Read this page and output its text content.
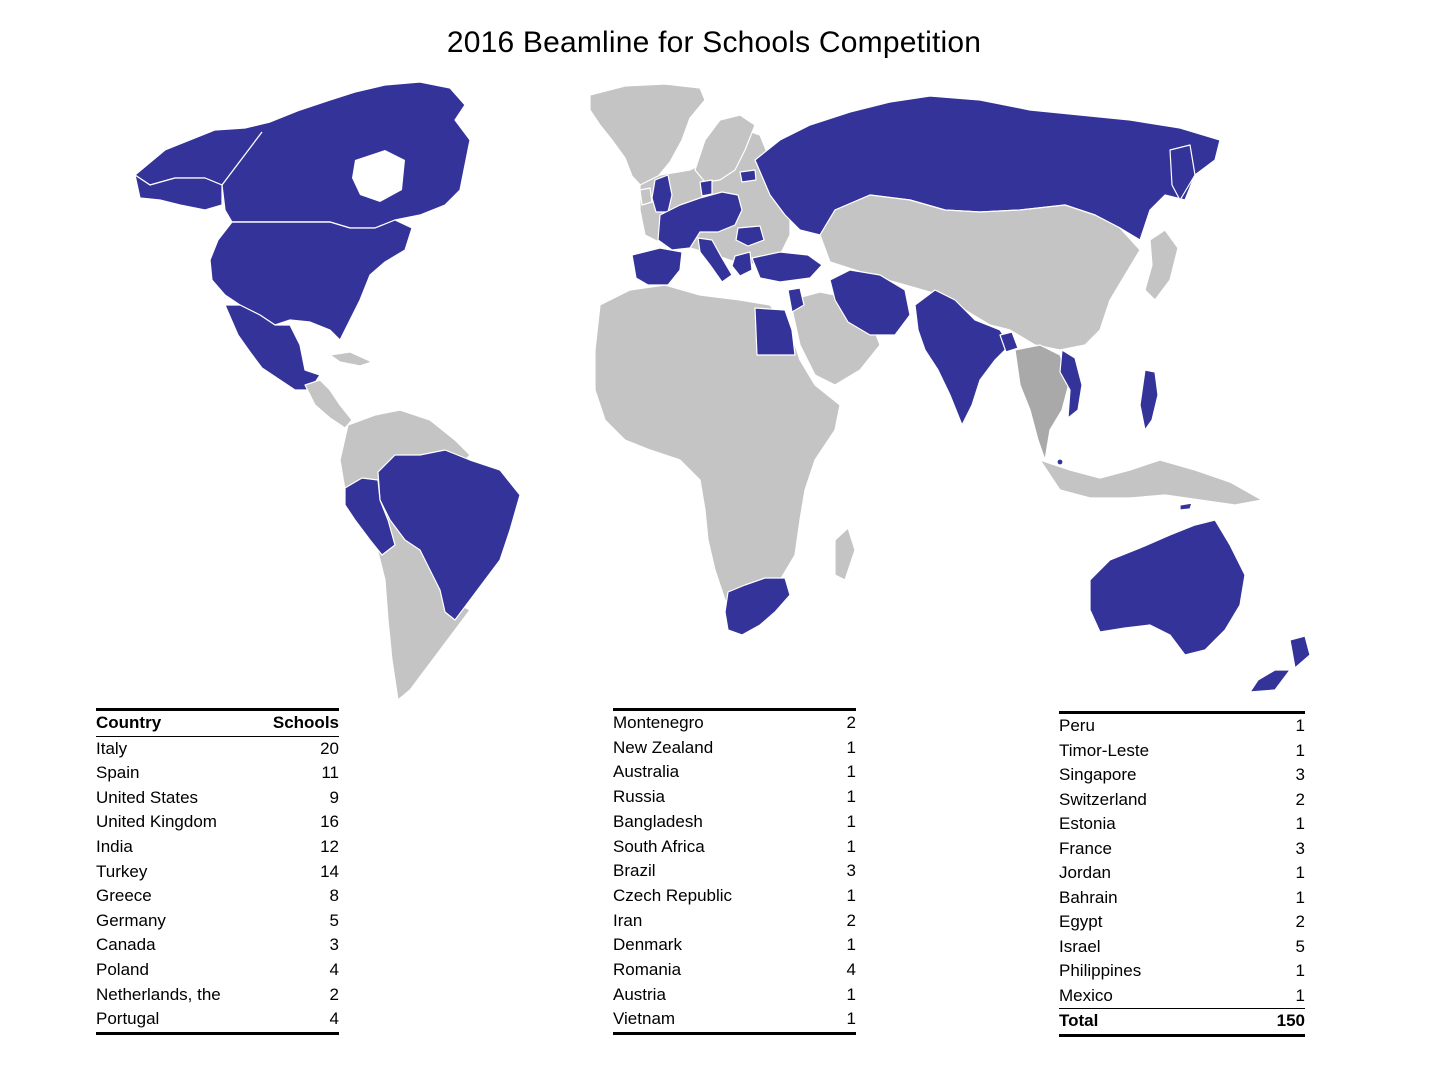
2016 Beamline for Schools Competition
Country	Schools
Italy	20
Spain	11
United States	9
United Kingdom	16
India	12
Turkey	14
Greece	8
Germany	5
Canada	3
Poland	4
Netherlands, the	2
Portugal	4
Montenegro	2
New Zealand	1
Australia	1
Russia	1
Bangladesh	1
South Africa	1
Brazil	3
Czech Republic	1
Iran	2
Denmark	1
Romania	4
Austria	1
Vietnam	1
Peru	1
Timor-Leste	1
Singapore	3
Switzerland	2
Estonia	1
France	3
Jordan	1
Bahrain	1
Egypt	2
Israel	5
Philippines	1
Mexico	1
Total	150
